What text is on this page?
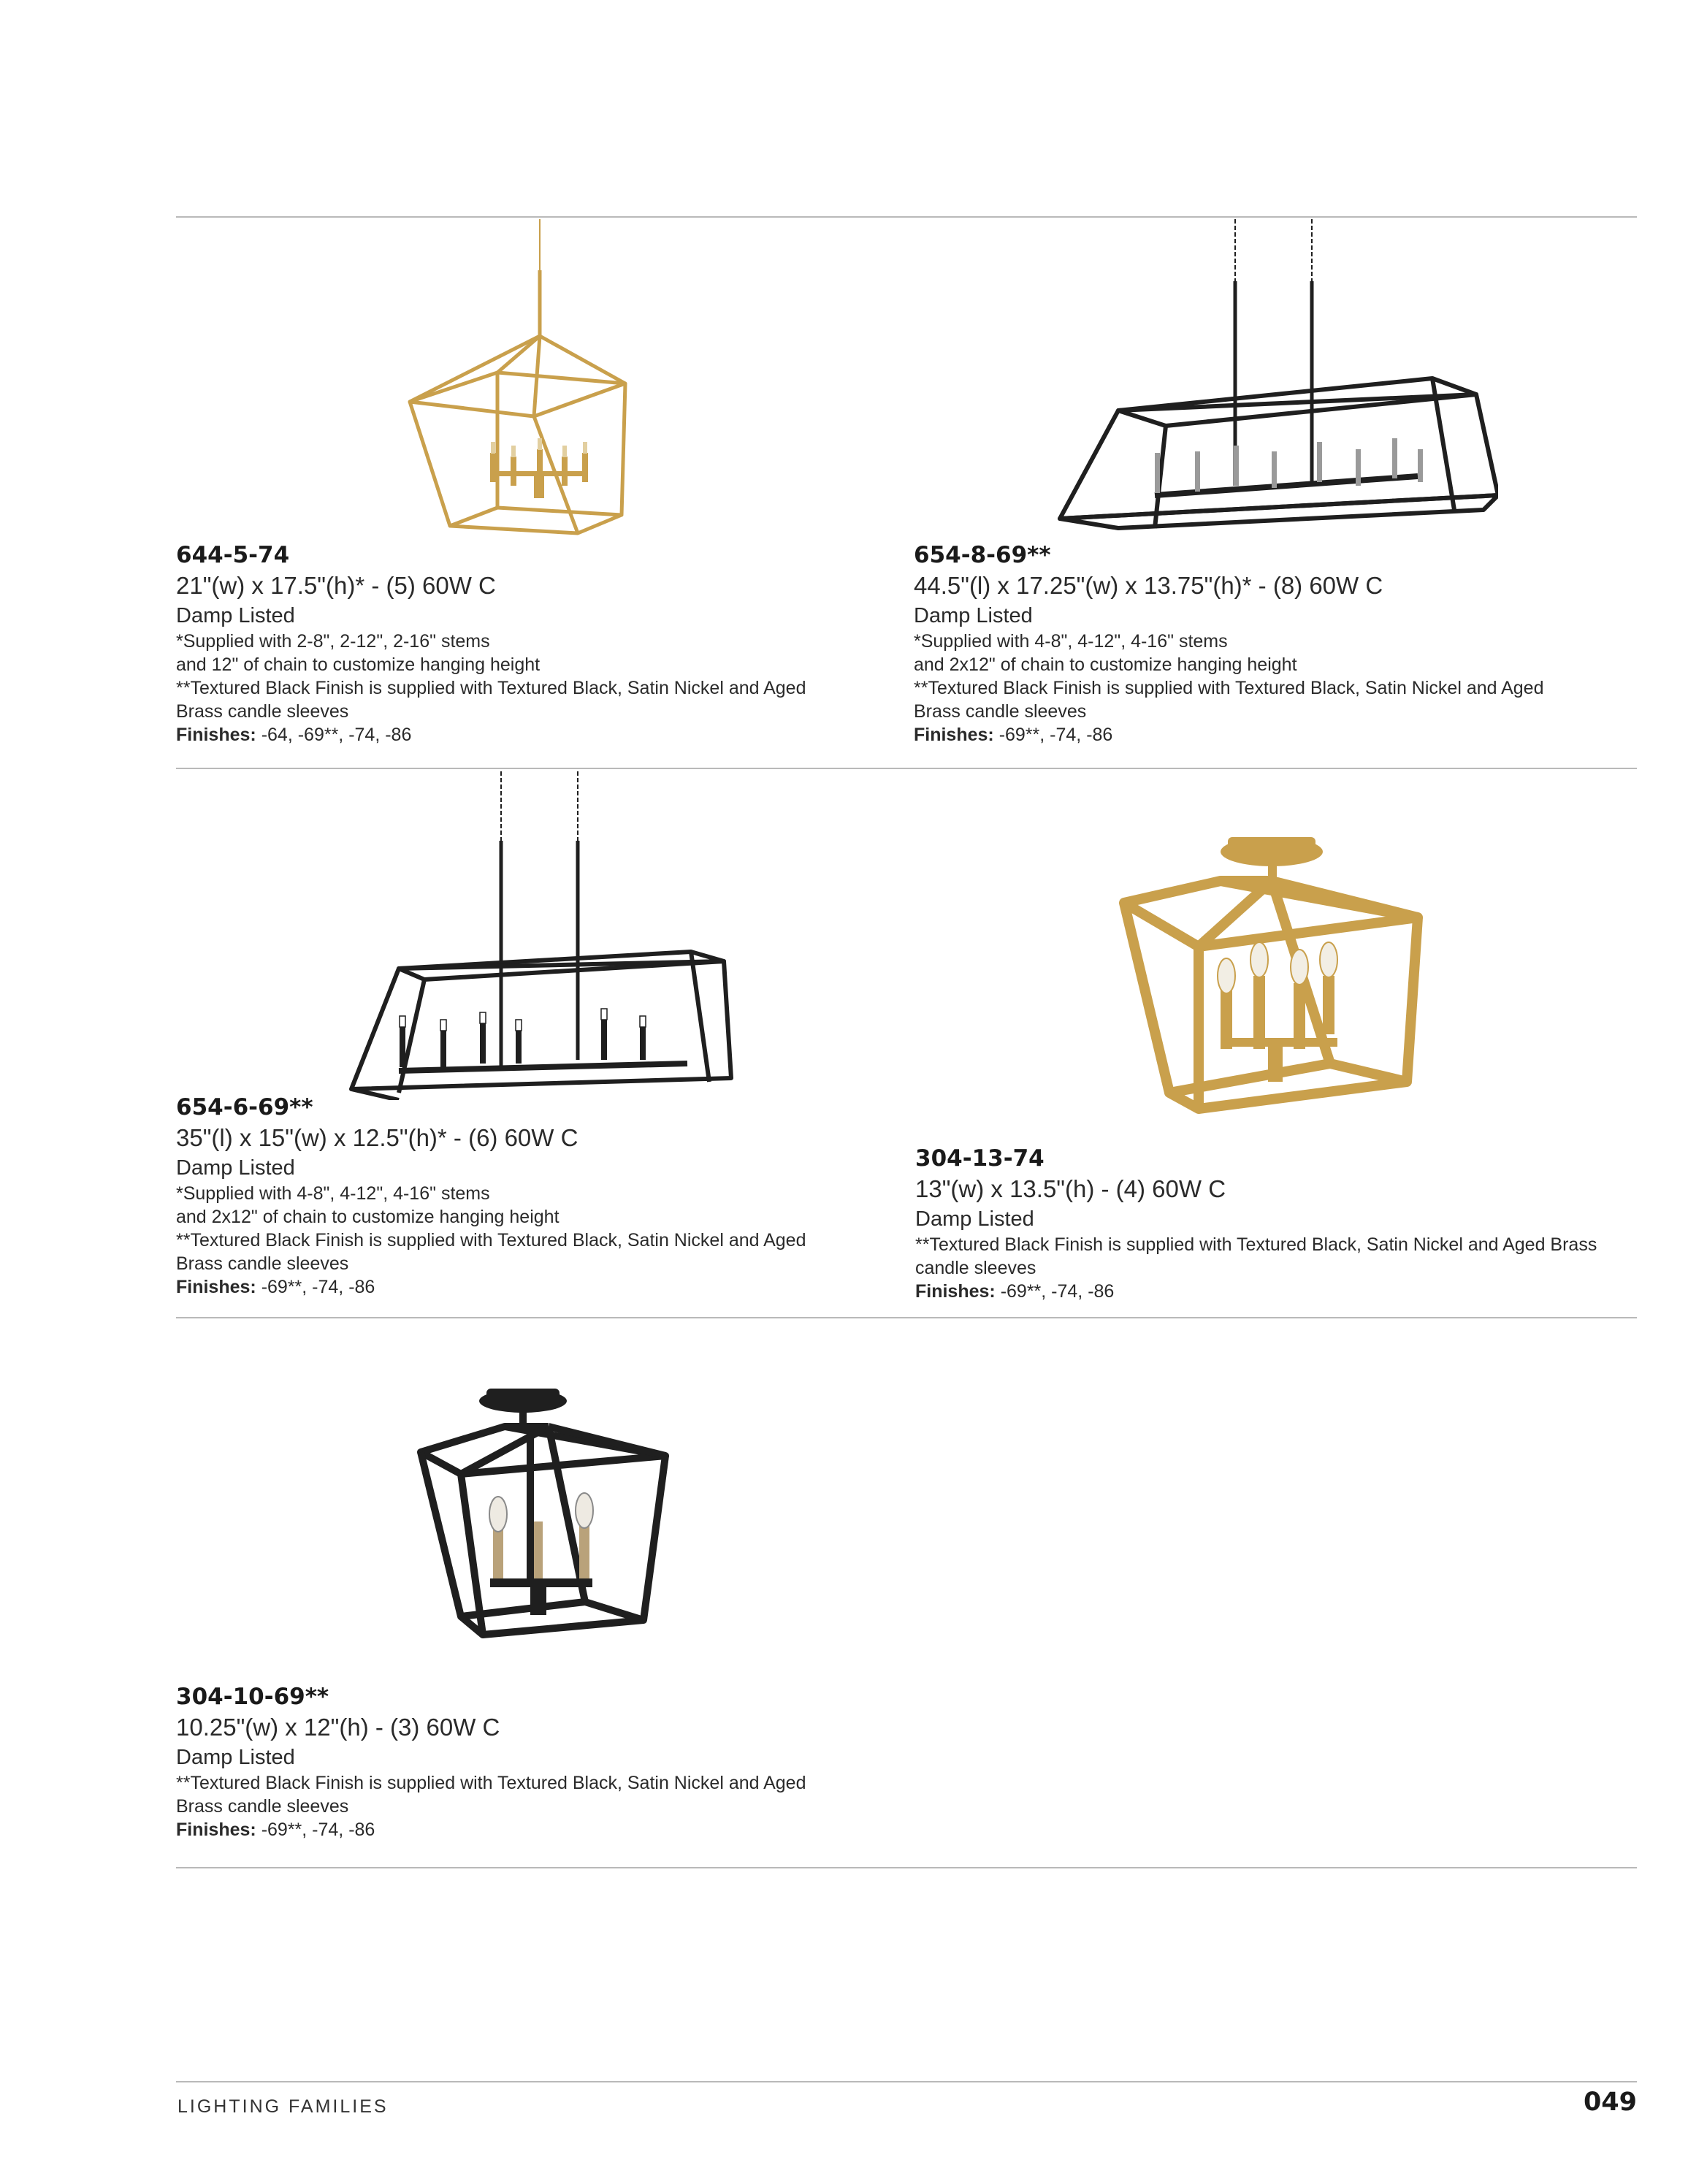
644-5-74
21"(w) x 17.5"(h)* - (5) 60W C
Damp Listed
*Supplied with 2-8", 2-12", 2-16" stems
and 12" of chain to customize hanging height
**Textured Black Finish is supplied with Textured Black, Satin Nickel and Aged
Brass candle sleeves
Finishes: -64, -69**, -74, -86
654-8-69**
44.5"(l) x 17.25"(w) x 13.75"(h)* - (8) 60W C
Damp Listed
*Supplied with 4-8", 4-12", 4-16" stems
and 2x12" of chain to customize hanging height
**Textured Black Finish is supplied with Textured Black, Satin Nickel and Aged
Brass candle sleeves
Finishes: -69**, -74, -86
654-6-69**
35"(l) x 15"(w) x 12.5"(h)* - (6) 60W C
Damp Listed
*Supplied with 4-8", 4-12", 4-16" stems
and 2x12" of chain to customize hanging height
**Textured Black Finish is supplied with Textured Black, Satin Nickel and Aged
Brass candle sleeves
Finishes: -69**, -74, -86
304-13-74
13"(w) x 13.5"(h) - (4) 60W C
Damp Listed
**Textured Black Finish is supplied with Textured Black, Satin Nickel and Aged Brass
candle sleeves
Finishes: -69**, -74, -86
304-10-69**
10.25"(w) x 12"(h) - (3) 60W C
Damp Listed
**Textured Black Finish is supplied with Textured Black, Satin Nickel and Aged
Brass candle sleeves
Finishes: -69**, -74, -86
LIGHTING FAMILIES	049
